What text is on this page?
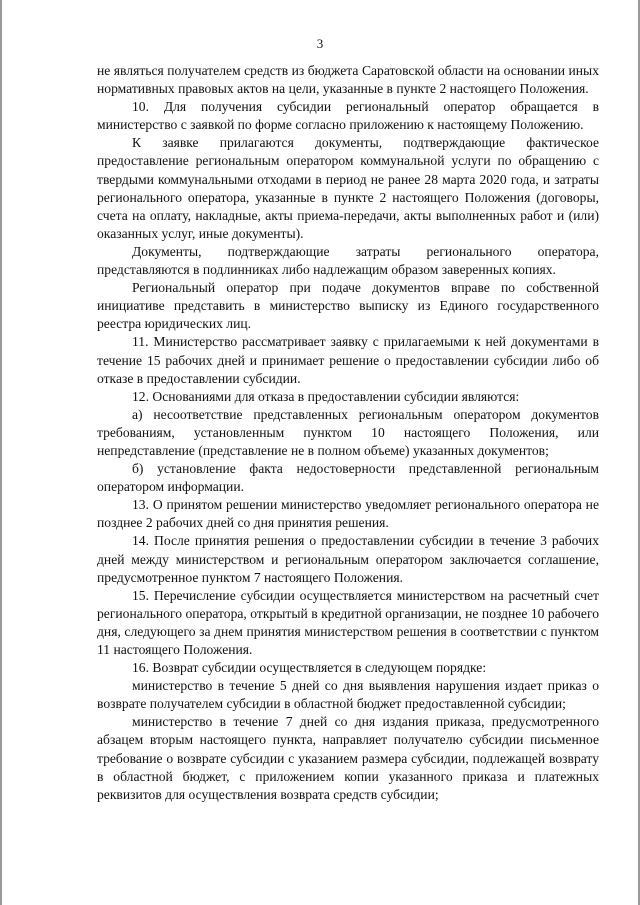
3

не являться получателем средств из бюджета Саратовской области на основании иных нормативных правовых актов на цели, указанные в пункте 2 настоящего Положения.

10. Для получения субсидии региональный оператор обращается в министерство с заявкой по форме согласно приложению к настоящему Положению.

К заявке прилагаются документы, подтверждающие фактическое предоставление региональным оператором коммунальной услуги по обращению с твердыми коммунальными отходами в период не ранее 28 марта 2020 года, и затраты регионального оператора, указанные в пункте 2 настоящего Положения (договоры, счета на оплату, накладные, акты приема-передачи, акты выполненных работ и (или) оказанных услуг, иные документы).

Документы, подтверждающие затраты регионального оператора, представляются в подлинниках либо надлежащим образом заверенных копиях.

Региональный оператор при подаче документов вправе по собственной инициативе представить в министерство выписку из Единого государственного реестра юридических лиц.

11. Министерство рассматривает заявку с прилагаемыми к ней документами в течение 15 рабочих дней и принимает решение о предоставлении субсидии либо об отказе в предоставлении субсидии.

12. Основаниями для отказа в предоставлении субсидии являются:

а) несоответствие представленных региональным оператором документов требованиям, установленным пунктом 10 настоящего Положения, или непредставление (представление не в полном объеме) указанных документов;

б) установление факта недостоверности представленной региональным оператором информации.

13. О принятом решении министерство уведомляет регионального оператора не позднее 2 рабочих дней со дня принятия решения.

14. После принятия решения о предоставлении субсидии в течение 3 рабочих дней между министерством и региональным оператором заключается соглашение, предусмотренное пунктом 7 настоящего Положения.

15. Перечисление субсидии осуществляется министерством на расчетный счет регионального оператора, открытый в кредитной организации, не позднее 10 рабочего дня, следующего за днем принятия министерством решения в соответствии с пунктом 11 настоящего Положения.

16. Возврат субсидии осуществляется в следующем порядке:

министерство в течение 5 дней со дня выявления нарушения издает приказ о возврате получателем субсидии в областной бюджет предоставленной субсидии;

министерство в течение 7 дней со дня издания приказа, предусмотренного абзацем вторым настоящего пункта, направляет получателю субсидии письменное требование о возврате субсидии с указанием размера субсидии, подлежащей возврату в областной бюджет, с приложением копии указанного приказа и платежных реквизитов для осуществления возврата средств субсидии;
